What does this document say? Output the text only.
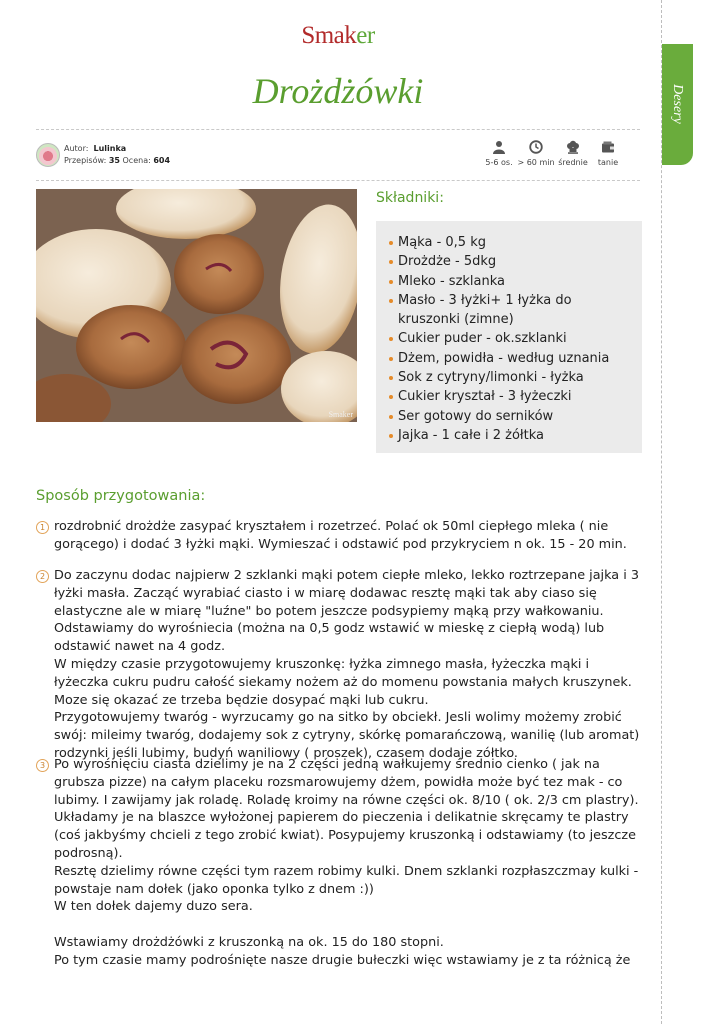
Smaker
Drożdżówki	Desery
Autor: Lulinka
Przepisów: 35 Ocena: 604	5-6 os. > 60 min średnie	tanie
Smaker
Składniki:
Mąka - 0,5 kg
Drożdże - 5dkg
Mleko - szklanka
Masło - 3 łyżki+ 1 łyżka do kruszonki (zimne)
Cukier puder - ok.szklanki
Dżem, powidła - według uznania
Sok z cytryny/limonki - łyżka
Cukier kryształ - 3 łyżeczki
Ser gotowy do serników
Jajka - 1 całe i 2 żółtka
Sposób przygotowania:
1 rozdrobnić drożdże zasypać kryształem i rozetrzeć. Polać ok 50ml ciepłego mleka ( nie gorącego) i dodać 3 łyżki mąki. Wymieszać i odstawić pod przykryciem n ok. 15 - 20 min.

2 Do zaczynu dodac najpierw 2 szklanki mąki potem ciepłe mleko, lekko roztrzepane jajka i 3 łyżki masła. Zacząć wyrabiać ciasto i w miarę dodawac resztę mąki tak aby ciaso się elastyczne ale w miarę "luźne" bo potem jeszcze podsypiemy mąką przy wałkowaniu. Odstawiamy do wyrośniecia (można na 0,5 godz wstawić w mieskę z ciepłą wodą) lub odstawić nawet na 4 godz.

W między czasie przygotowujemy kruszonkę: łyżka zimnego masła, łyżeczka mąki i łyżeczka cukru pudru całość siekamy nożem aż do momenu powstania małych kruszynek. Moze się okazać ze trzeba będzie dosypać mąki lub cukru.

Przygotowujemy twaróg - wyrzucamy go na sitko by obciekł. Jesli wolimy możemy zrobić swój: mileimy twaróg, dodajemy sok z cytryny, skórkę pomarańczową, wanilię (lub aromat) rodzynki jeśli lubimy, budyń waniliowy ( proszek), czasem dodaje zółtko.

3 Po wyrośnięciu ciasta dzielimy je na 2 części jedną wałkujemy średnio cienko ( jak na grubsza pizze) na całym placeku rozsmarowujemy dżem, powidła może być tez mak - co lubimy. I zawijamy jak roladę. Roladę kroimy na równe części ok. 8/10 ( ok. 2/3 cm plastry). Układamy je na blaszce wyłożonej papierem do pieczenia i delikatnie skręcamy te plastry (coś jakbyśmy chcieli z tego zrobić kwiat). Posypujemy kruszonką i odstawiamy (to jeszcze podrosną).

Resztę dzielimy równe części tym razem robimy kulki. Dnem szklanki rozpłaszczmay kulki - powstaje nam dołek (jako oponka tylko z dnem :))

W ten dołek dajemy duzo sera.

Wstawiamy drożdżówki z kruszonką na ok. 15 do 180 stopni.

Po tym czasie mamy podrośnięte nasze drugie bułeczki więc wstawiamy je z ta różnicą że
